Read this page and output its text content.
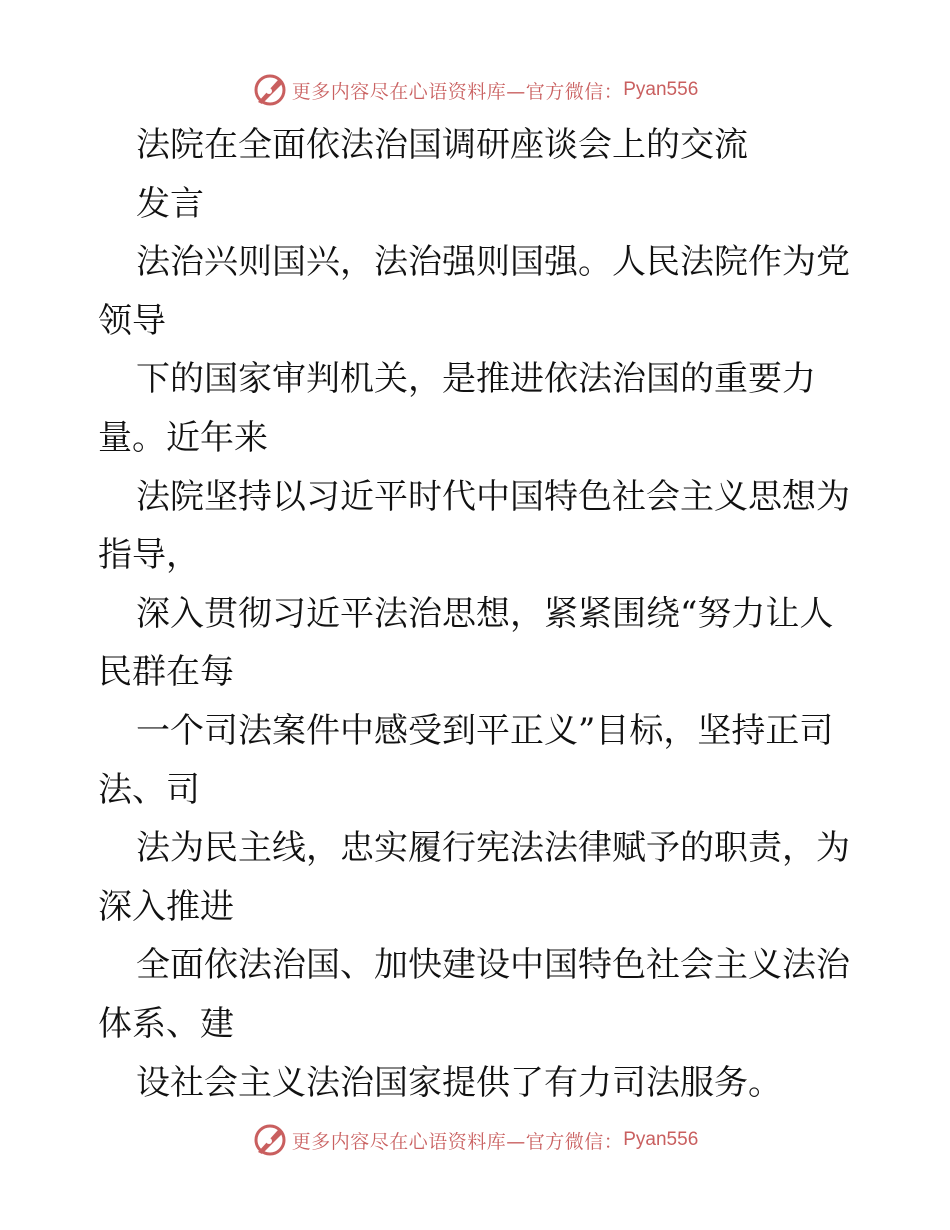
更多内容尽在心语资料库—官方微信： Pyan556
法院在全面依法治国调研座谈会上的交流
发言
法治兴则国兴，法治强则国强。人民法院作为党
领导
下的国家审判机关，是推进依法治国的重要力
量。近年来
法院坚持以习近平时代中国特色社会主义思想为
指导，
深入贯彻习近平法治思想，紧紧围绕“努力让人
民群在每
一个司法案件中感受到平正义”目标，坚持正司
法、司
法为民主线，忠实履行宪法法律赋予的职责，为
深入推进
全面依法治国、加快建设中国特色社会主义法治
体系、建
设社会主义法治国家提供了有力司法服务。
更多内容尽在心语资料库—官方微信： Pyan556
